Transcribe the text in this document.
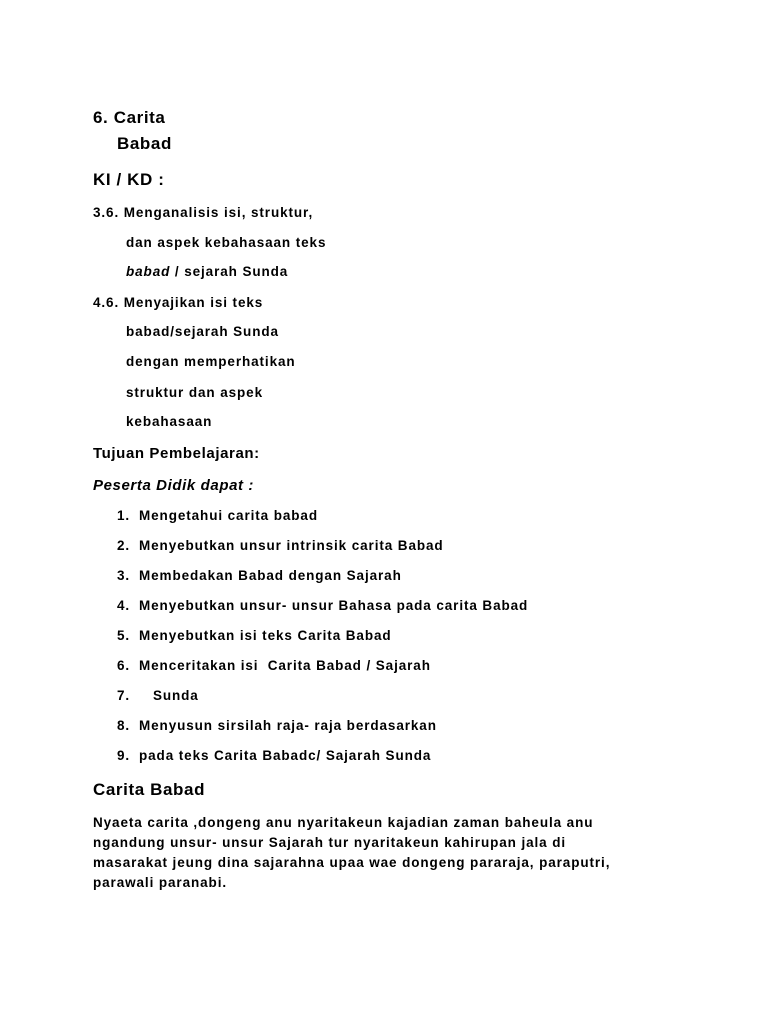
6. Carita
Babad
KI / KD :
3.6. Menganalisis isi, struktur,
dan aspek kebahasaan teks
babad / sejarah Sunda
4.6. Menyajikan isi teks
babad/sejarah Sunda
dengan memperhatikan
struktur dan aspek
kebahasaan
Tujuan Pembelajaran:
Peserta Didik dapat :
1. Mengetahui carita babad
2. Menyebutkan unsur intrinsik carita Babad
3. Membedakan Babad dengan Sajarah
4. Menyebutkan unsur- unsur Bahasa pada carita Babad
5. Menyebutkan isi teks Carita Babad
6. Menceritakan isi  Carita Babad / Sajarah
7. Sunda
8. Menyusun sirsilah raja- raja berdasarkan
9. pada teks Carita Babadc/ Sajarah Sunda
Carita Babad

Nyaeta carita ,dongeng anu nyaritakeun kajadian zaman baheula anu
ngandung unsur- unsur Sajarah tur nyaritakeun kahirupan jala di
masarakat jeung dina sajarahna upaa wae dongeng pararaja, paraputri,
parawali paranabi.
